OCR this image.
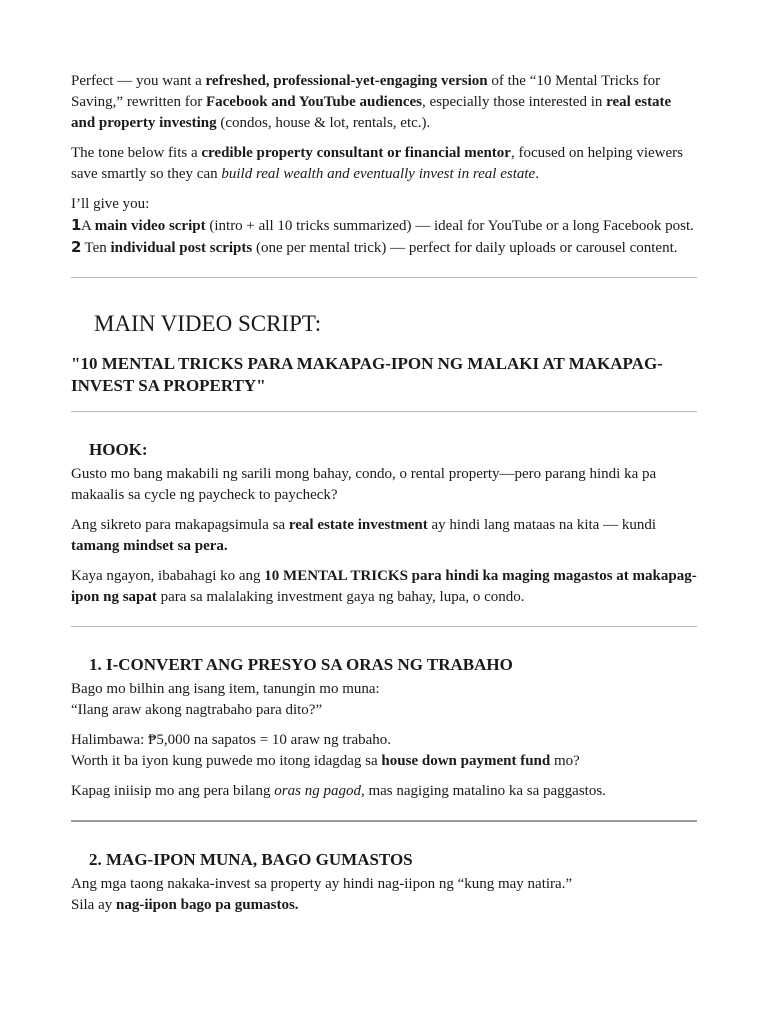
Perfect — you want a refreshed, professional-yet-engaging version of the “10 Mental Tricks for Saving,” rewritten for Facebook and YouTube audiences, especially those interested in real estate and property investing (condos, house & lot, rentals, etc.).

The tone below fits a credible property consultant or financial mentor, focused on helping viewers save smartly so they can build real wealth and eventually invest in real estate.

I’ll give you:

1A main video script (intro + all 10 tricks summarized) — ideal for YouTube or a long Facebook post.

2 Ten individual post scripts (one per mental trick) — perfect for daily uploads or carousel content.

MAIN VIDEO SCRIPT:
"10 MENTAL TRICKS PARA MAKAPAG-IPON NG MALAKI AT MAKAPAG-INVEST SA PROPERTY"
HOOK:

Gusto mo bang makabili ng sarili mong bahay, condo, o rental property—pero parang hindi ka pa makaalis sa cycle ng paycheck to paycheck?

Ang sikreto para makapagsimula sa real estate investment ay hindi lang mataas na kita — kundi tamang mindset sa pera.

Kaya ngayon, ibabahagi ko ang 10 MENTAL TRICKS para hindi ka maging magastos at makapag-ipon ng sapat para sa malalaking investment gaya ng bahay, lupa, o condo.

1. I-CONVERT ANG PRESYO SA ORAS NG TRABAHO

Bago mo bilhin ang isang item, tanungin mo muna:
“Ilang araw akong nagtrabaho para dito?”

Halimbawa: ₱5,000 na sapatos = 10 araw ng trabaho.
Worth it ba iyon kung puwede mo itong idagdag sa house down payment fund mo?

Kapag iniisip mo ang pera bilang oras ng pagod, mas nagiging matalino ka sa paggastos.

2. MAG-IPON MUNA, BAGO GUMASTOS

Ang mga taong nakaka-invest sa property ay hindi nag-iipon ng “kung may natira.”
Sila ay nag-iipon bago pa gumastos.
